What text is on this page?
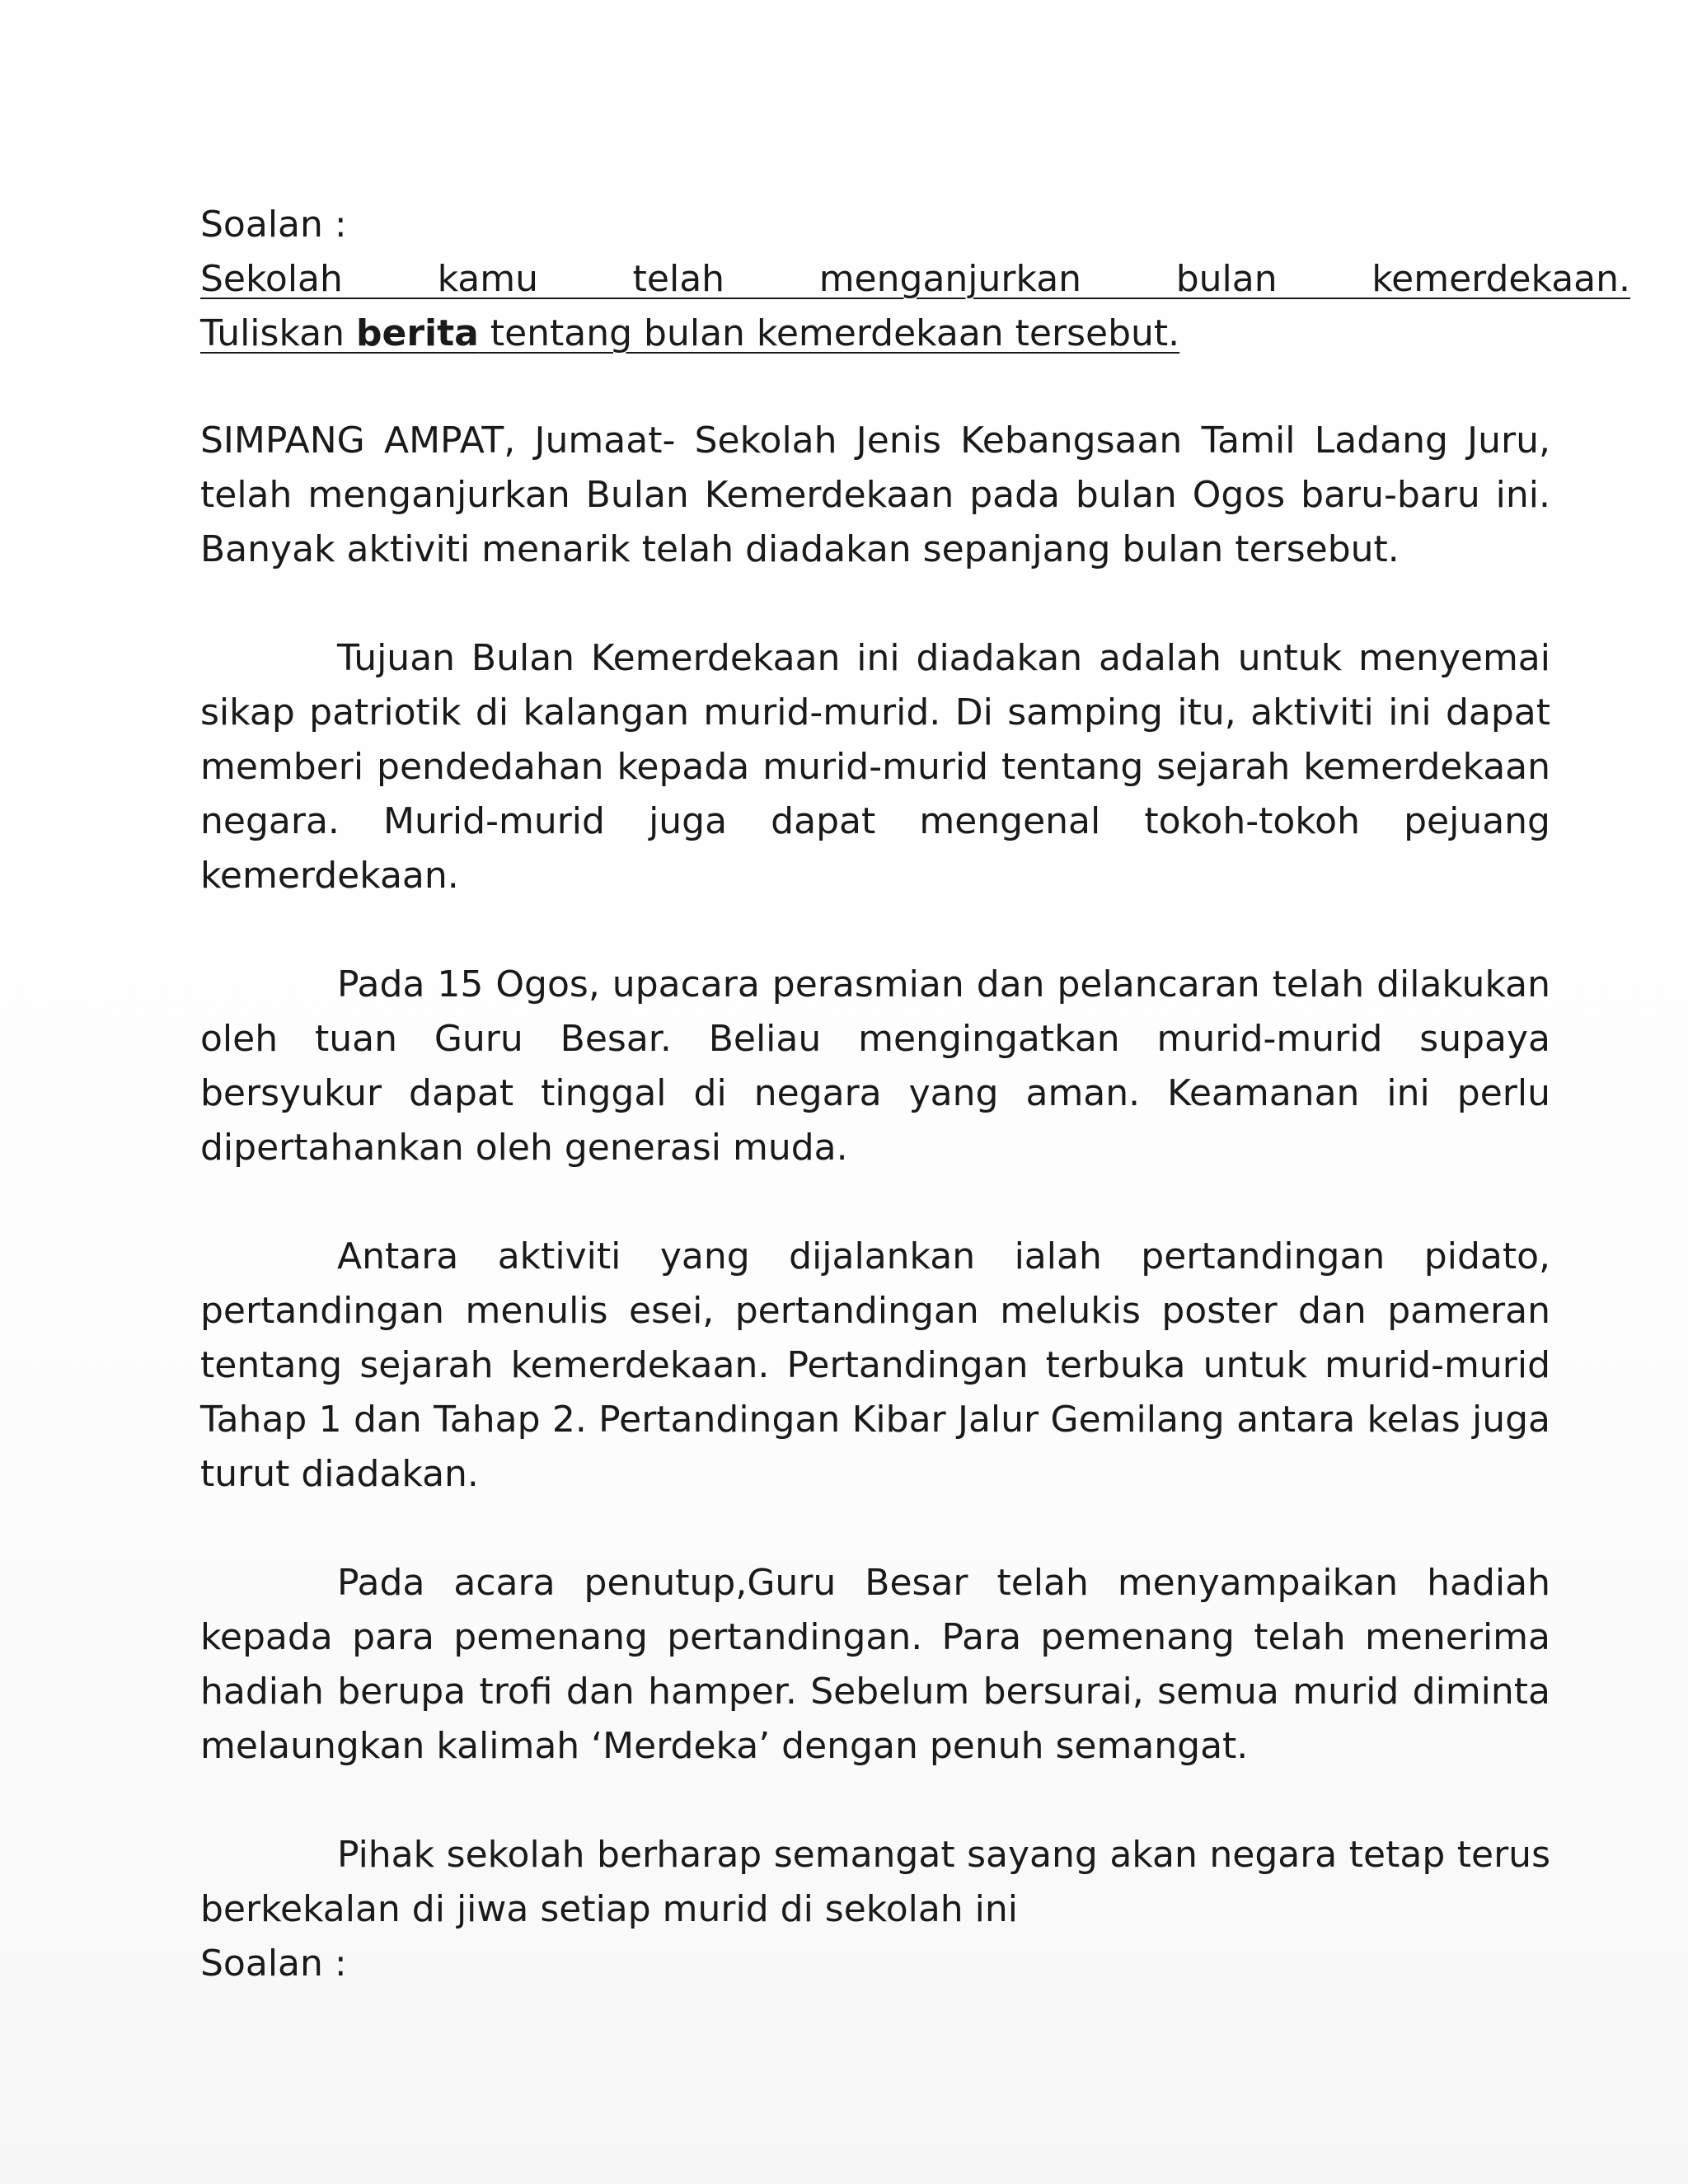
Soalan :

Sekolah kamu telah menganjurkan bulan kemerdekaan.
Tuliskan berita tentang bulan kemerdekaan tersebut.

SIMPANG AMPAT, Jumaat- Sekolah Jenis Kebangsaan Tamil Ladang Juru, telah menganjurkan Bulan Kemerdekaan pada bulan Ogos baru-baru ini. Banyak aktiviti menarik telah diadakan sepanjang bulan tersebut.

Tujuan Bulan Kemerdekaan ini diadakan adalah untuk menyemai sikap patriotik di kalangan murid-murid. Di samping itu, aktiviti ini dapat memberi pendedahan kepada murid-murid tentang sejarah kemerdekaan negara. Murid-murid juga dapat mengenal tokoh-tokoh pejuang kemerdekaan.

Pada 15 Ogos, upacara perasmian dan pelancaran telah dilakukan oleh tuan Guru Besar. Beliau mengingatkan murid-murid supaya bersyukur dapat tinggal di negara yang aman. Keamanan ini perlu dipertahankan oleh generasi muda.

Antara aktiviti yang dijalankan ialah pertandingan pidato, pertandingan menulis esei, pertandingan melukis poster dan pameran tentang sejarah kemerdekaan. Pertandingan terbuka untuk murid-murid Tahap 1 dan Tahap 2. Pertandingan Kibar Jalur Gemilang antara kelas juga turut diadakan.

Pada acara penutup,Guru Besar telah menyampaikan hadiah kepada para pemenang pertandingan. Para pemenang telah menerima hadiah berupa trofi dan hamper. Sebelum bersurai, semua murid diminta melaungkan kalimah ‘Merdeka’ dengan penuh semangat.

Pihak sekolah berharap semangat sayang akan negara tetap terus berkekalan di jiwa setiap murid di sekolah ini

Soalan :
